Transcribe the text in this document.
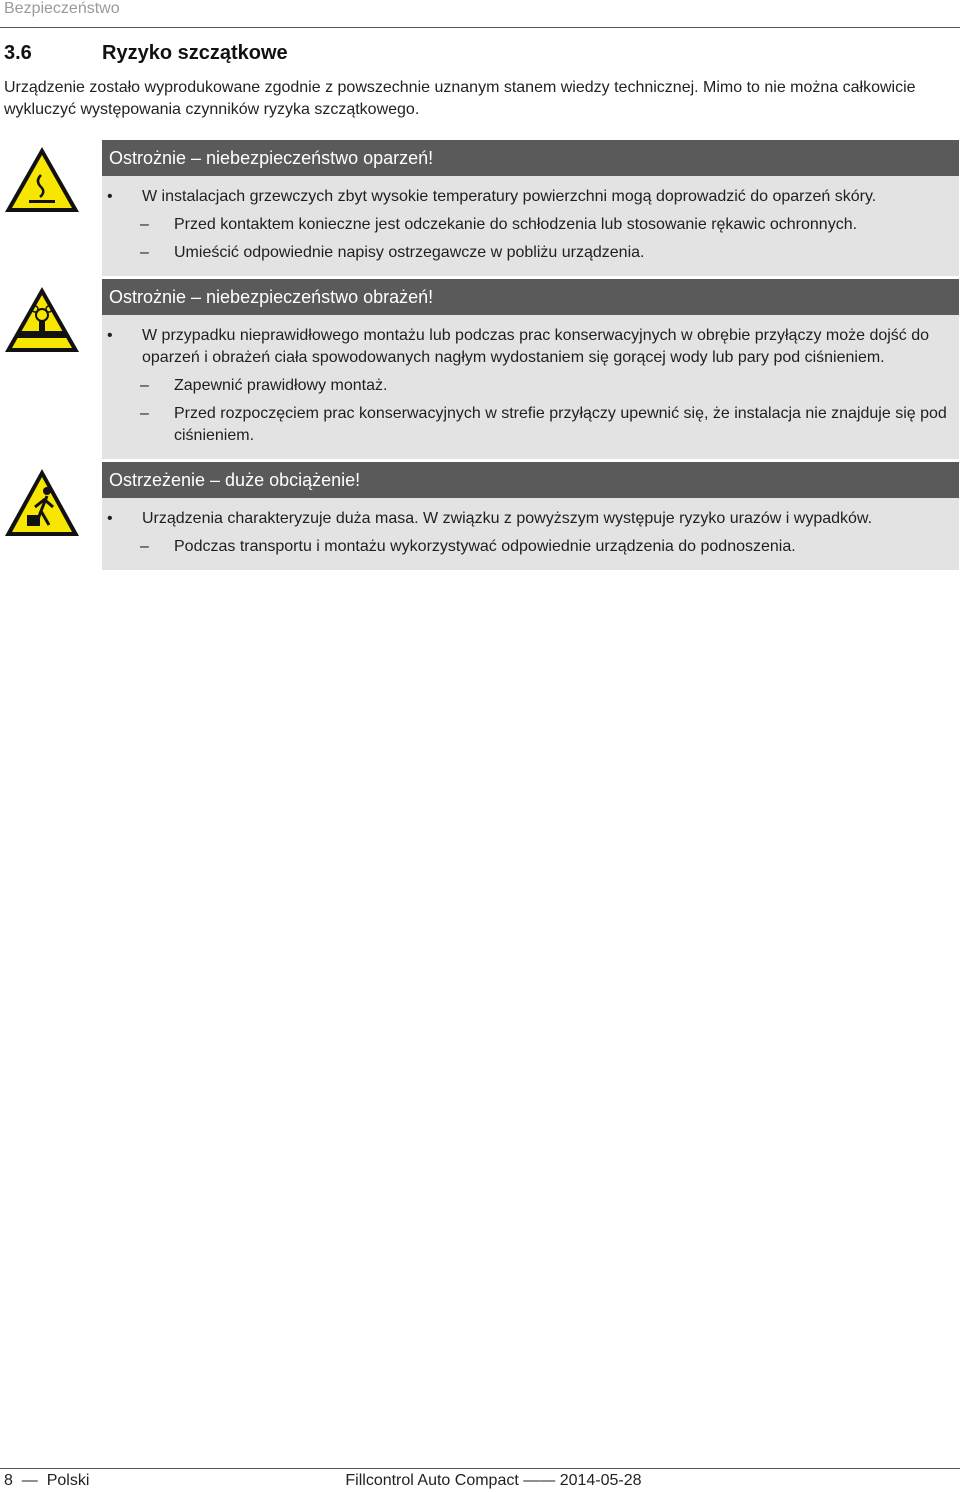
Bezpieczeństwo
3.6	Ryzyko szczątkowe
Urządzenie zostało wyprodukowane zgodnie z powszechnie uznanym stanem wiedzy technicznej. Mimo to nie można całkowicie wykluczyć występowania czynników ryzyka szczątkowego.
Ostrożnie – niebezpieczeństwo oparzeń!
• W instalacjach grzewczych zbyt wysokie temperatury powierzchni mogą doprowadzić do oparzeń skóry.
– Przed kontaktem konieczne jest odczekanie do schłodzenia lub stosowanie rękawic ochronnych.
– Umieścić odpowiednie napisy ostrzegawcze w pobliżu urządzenia.
Ostrożnie – niebezpieczeństwo obrażeń!
• W przypadku nieprawidłowego montażu lub podczas prac konserwacyjnych w obrębie przyłączy może dojść do oparzeń i obrażeń ciała spowodowanych nagłym wydostaniem się gorącej wody lub pary pod ciśnieniem.
– Zapewnić prawidłowy montaż.
– Przed rozpoczęciem prac konserwacyjnych w strefie przyłączy upewnić się, że instalacja nie znajduje się pod ciśnieniem.
Ostrzeżenie – duże obciążenie!
• Urządzenia charakteryzuje duża masa. W związku z powyższym występuje ryzyko urazów i wypadków.
– Podczas transportu i montażu wykorzystywać odpowiednie urządzenia do podnoszenia.
8 — Polski	Fillcontrol Auto Compact —— 2014-05-28
